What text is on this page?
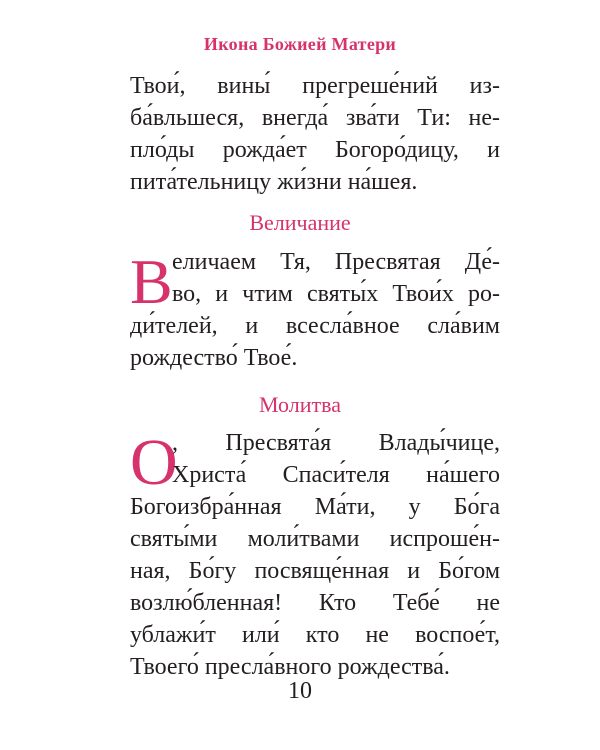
Икона Божией Матери
Твои́, вины́ прегреше́ний из-
ба́вльшеся, внегда́ зва́ти Ти: не-
пло́ды рожда́ет Богоро́дицу, и
пита́тельницу жи́зни на́шея.
Величание
В еличаем Тя, Пресвятая Де́-
во, и чтим святы́х Твои́х ро-
ди́телей, и всесла́вное сла́вим
рождество́ Твое́.
Молитва
О
, Пресвята́я Влады́чице,
Христа́ Спаси́теля на́шего
Богоизбра́нная Ма́ти, у Бо́га
святы́ми моли́твами испроше́н-
ная, Бо́гу посвяще́нная и Бо́гом
возлю́бленная! Кто Тебе́ не
ублажи́т или́ кто не воспое́т,
Твоего́ пресла́вного рождества́.
10
